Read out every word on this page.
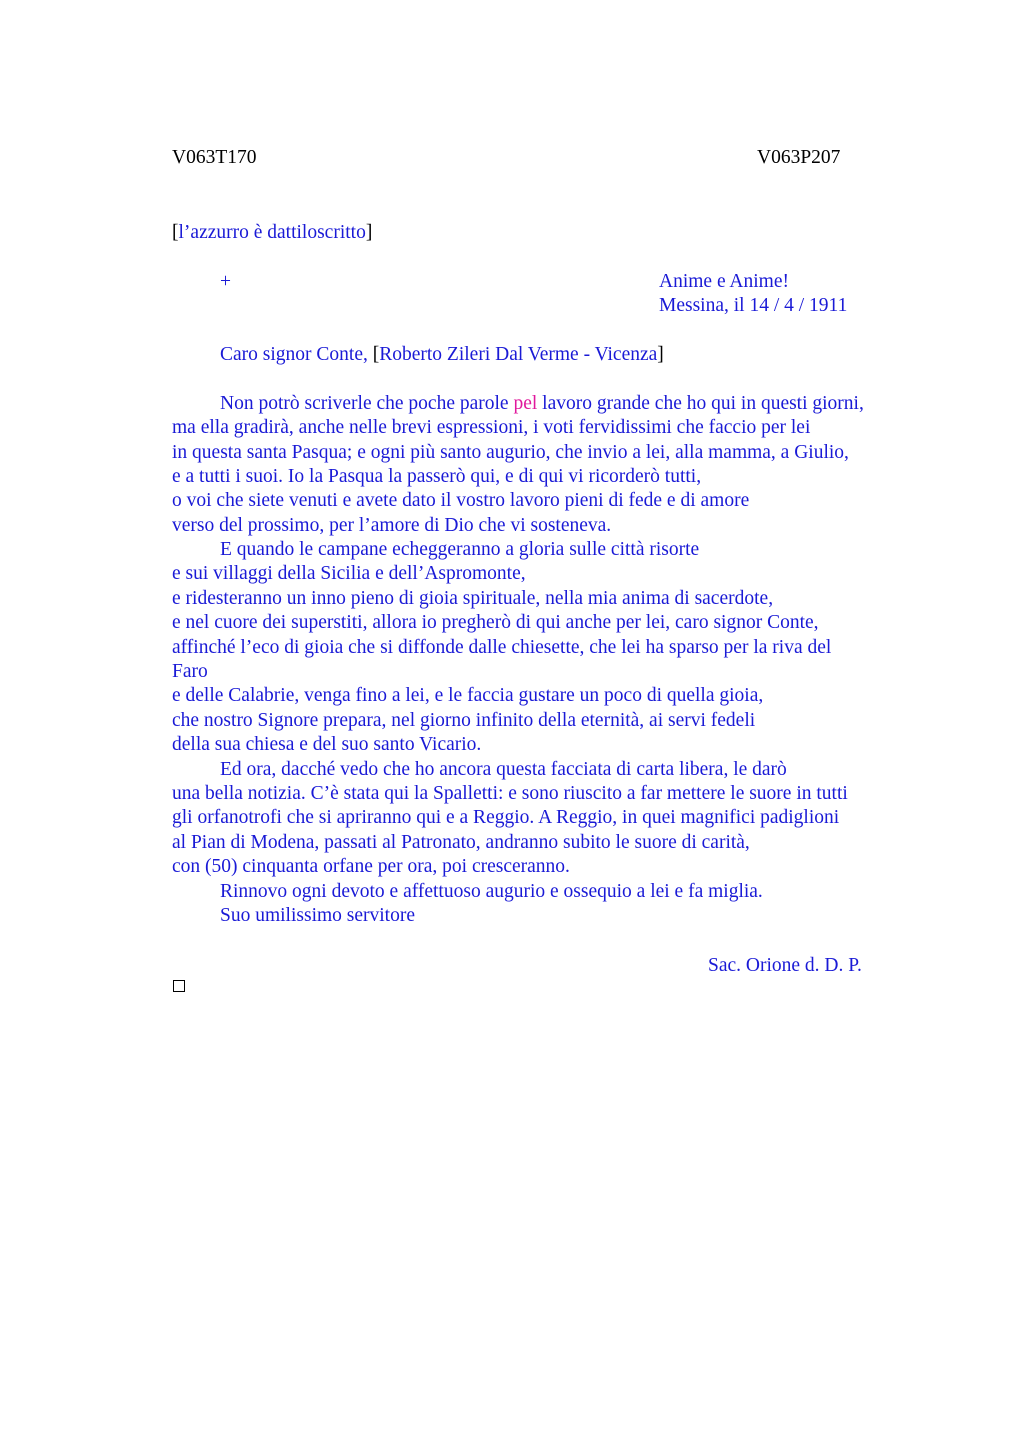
V063T170	V063P207
[l’azzurro è dattiloscritto]
+	Anime e Anime!
Messina, il 14 / 4 / 1911
Caro signor Conte, [Roberto Zileri Dal Verme - Vicenza]
Non potrò scriverle che poche parole pel lavoro grande che ho qui in questi giorni,
ma ella gradirà, anche nelle brevi espressioni, i voti fervidissimi che faccio per lei
in questa santa Pasqua; e ogni più santo augurio, che invio a lei, alla mamma, a Giulio,
e a tutti i suoi. Io la Pasqua la passerò qui, e di qui vi ricorderò tutti,
o voi che siete venuti e avete dato il vostro lavoro pieni di fede e di amore
verso del prossimo, per l’amore di Dio che vi sosteneva.
E quando le campane echeggeranno a gloria sulle città risorte
e sui villaggi della Sicilia e dell’Aspromonte,
e ridesteranno un inno pieno di gioia spirituale, nella mia anima di sacerdote,
e nel cuore dei superstiti, allora io pregherò di qui anche per lei, caro signor Conte,
affinché l’eco di gioia che si diffonde dalle chiesette, che lei ha sparso per la riva del
Faro
e delle Calabrie, venga fino a lei, e le faccia gustare un poco di quella gioia,
che nostro Signore prepara, nel giorno infinito della eternità, ai servi fedeli
della sua chiesa e del suo santo Vicario.
Ed ora, dacché vedo che ho ancora questa facciata di carta libera, le darò
una bella notizia. C’è stata qui la Spalletti: e sono riuscito a far mettere le suore in tutti
gli orfanotrofi che si apriranno qui e a Reggio. A Reggio, in quei magnifici padiglioni
al Pian di Modena, passati al Patronato, andranno subito le suore di carità,
con (50) cinquanta orfane per ora, poi cresceranno.
Rinnovo ogni devoto e affettuoso augurio e ossequio a lei e fa miglia.
Suo umilissimo servitore
Sac. Orione d. D. P.
